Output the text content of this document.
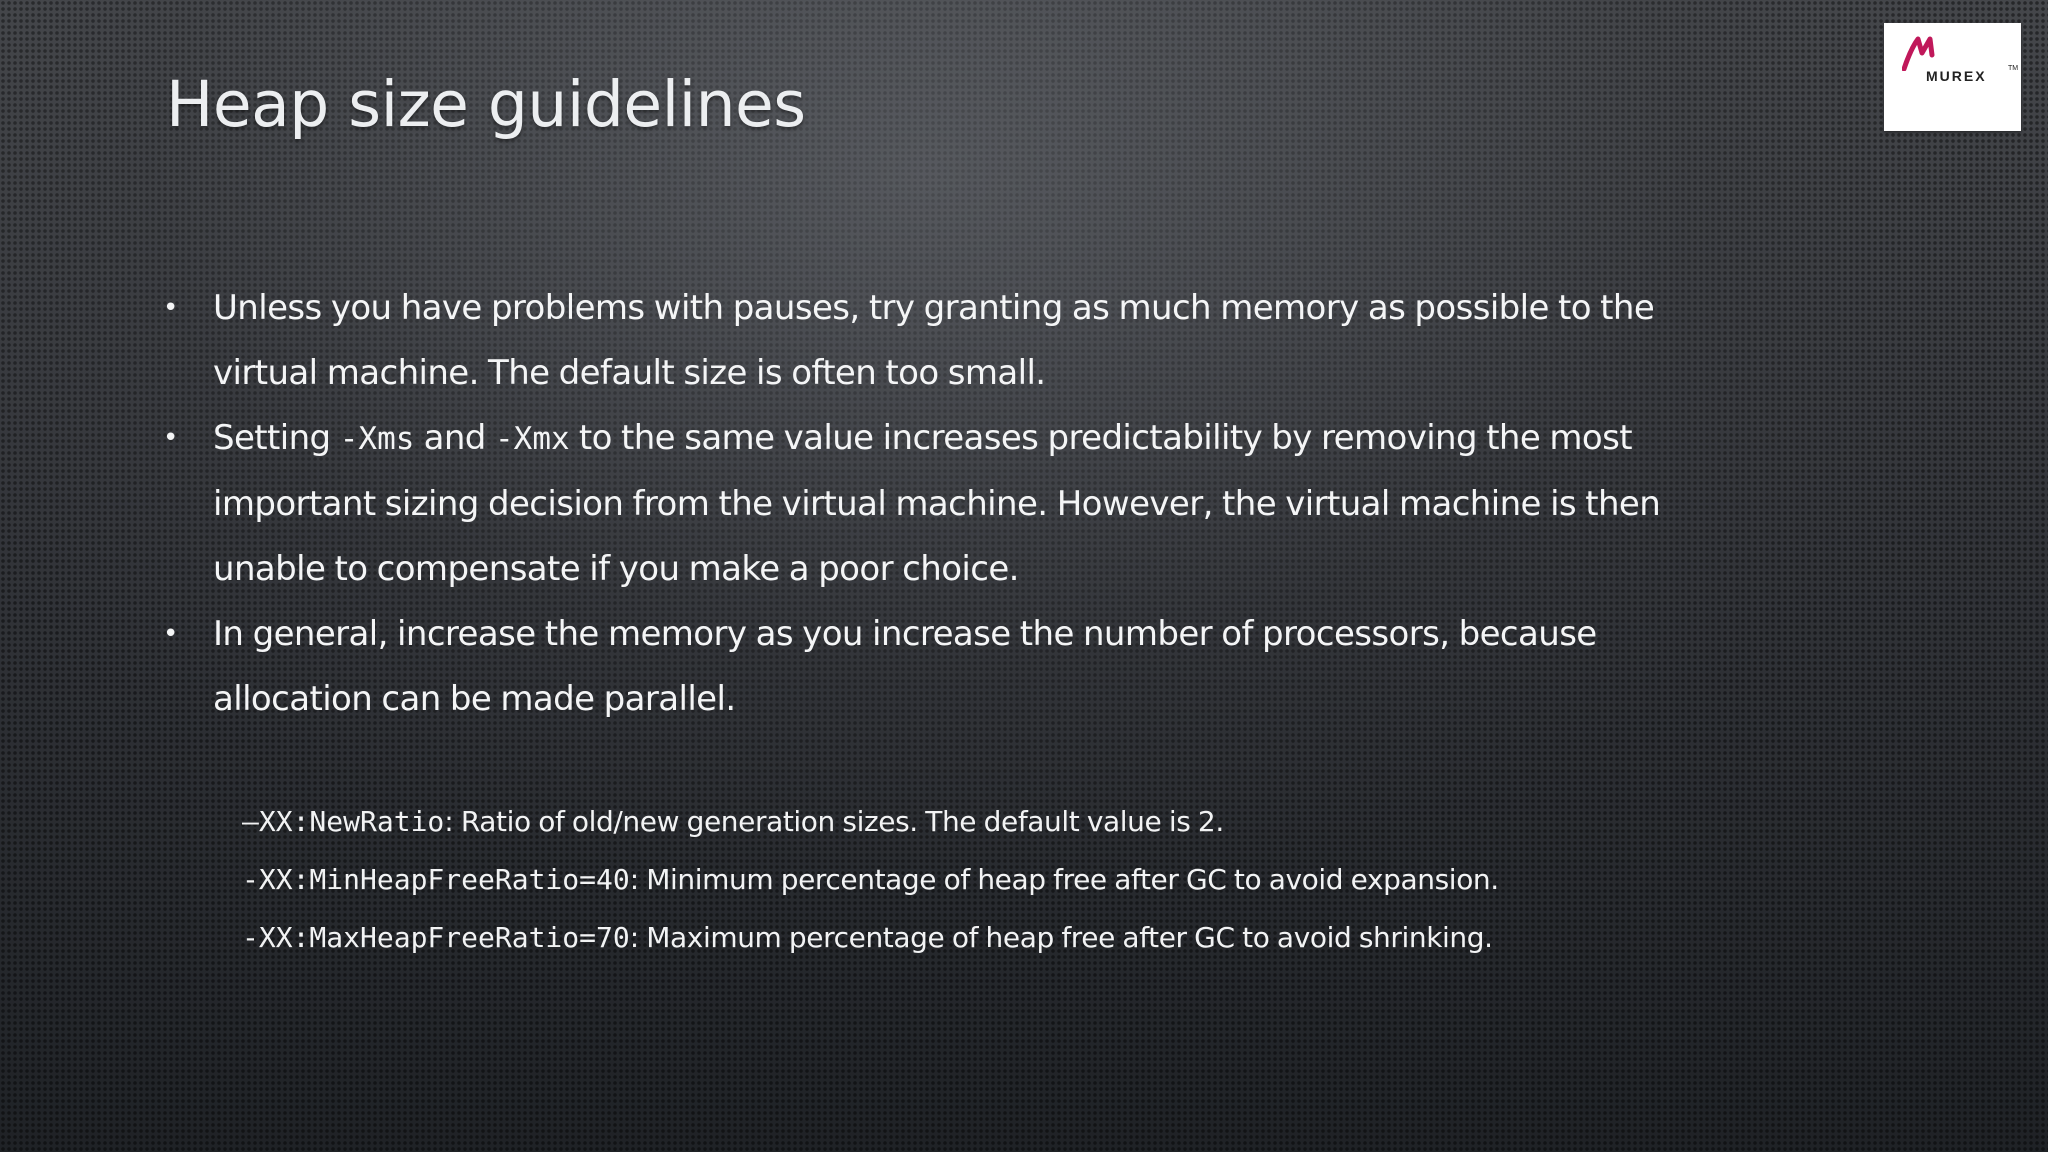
Heap size guidelines	MUREX	TM
• Unless you have problems with pauses, try granting as much memory as possible to the virtual machine. The default size is often too small.
• Setting -Xms and -Xmx to the same value increases predictability by removing the most important sizing decision from the virtual machine. However, the virtual machine is then unable to compensate if you make a poor choice.
• In general, increase the memory as you increase the number of processors, because allocation can be made parallel.
–XX:NewRatio: Ratio of old/new generation sizes. The default value is 2.
-XX:MinHeapFreeRatio=40: Minimum percentage of heap free after GC to avoid expansion.
-XX:MaxHeapFreeRatio=70: Maximum percentage of heap free after GC to avoid shrinking.
